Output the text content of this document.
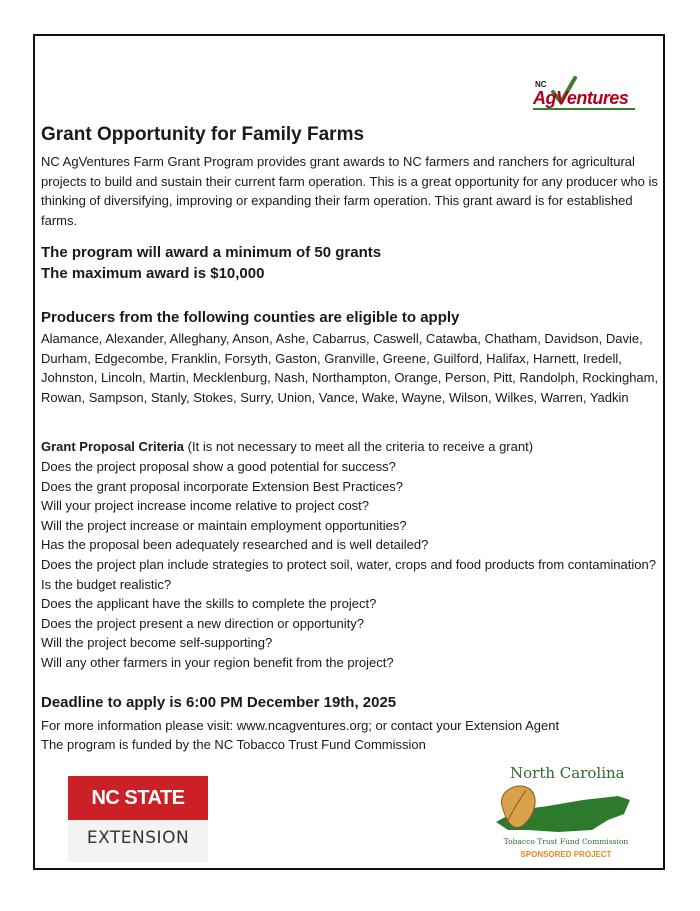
NC
AgVentures
Grant Opportunity for Family Farms
NC AgVentures Farm Grant Program provides grant awards to NC farmers and ranchers for agricultural projects to build and sustain their current farm operation. This is a great opportunity for any producer who is thinking of diversifying, improving or expanding their farm operation. This grant award is for established farms.
The program will award a minimum of 50 grants
The maximum award is $10,000
Producers from the following counties are eligible to apply
Alamance, Alexander, Alleghany, Anson, Ashe, Cabarrus, Caswell, Catawba, Chatham, Davidson, Davie, Durham, Edgecombe, Franklin, Forsyth, Gaston, Granville, Greene, Guilford, Halifax, Harnett, Iredell, Johnston, Lincoln, Martin, Mecklenburg, Nash, Northampton, Orange, Person, Pitt, Randolph, Rockingham, Rowan, Sampson, Stanly, Stokes, Surry, Union, Vance, Wake, Wayne, Wilson, Wilkes, Warren, Yadkin
Grant Proposal Criteria (It is not necessary to meet all the criteria to receive a grant)
Does the project proposal show a good potential for success?
Does the grant proposal incorporate Extension Best Practices?
Will your project increase income relative to project cost?
Will the project increase or maintain employment opportunities?
Has the proposal been adequately researched and is well detailed?
Does the project plan include strategies to protect soil, water, crops and food products from contamination?
Is the budget realistic?
Does the applicant have the skills to complete the project?
Does the project present a new direction or opportunity?
Will the project become self-supporting?
Will any other farmers in your region benefit from the project?
Deadline to apply is 6:00 PM December 19th, 2025
For more information please visit: www.ncagventures.org; or contact your Extension Agent
The program is funded by the NC Tobacco Trust Fund Commission
NC STATE
EXTENSION
North Carolina
Tobacco Trust Fund Commission
SPONSORED PROJECT
